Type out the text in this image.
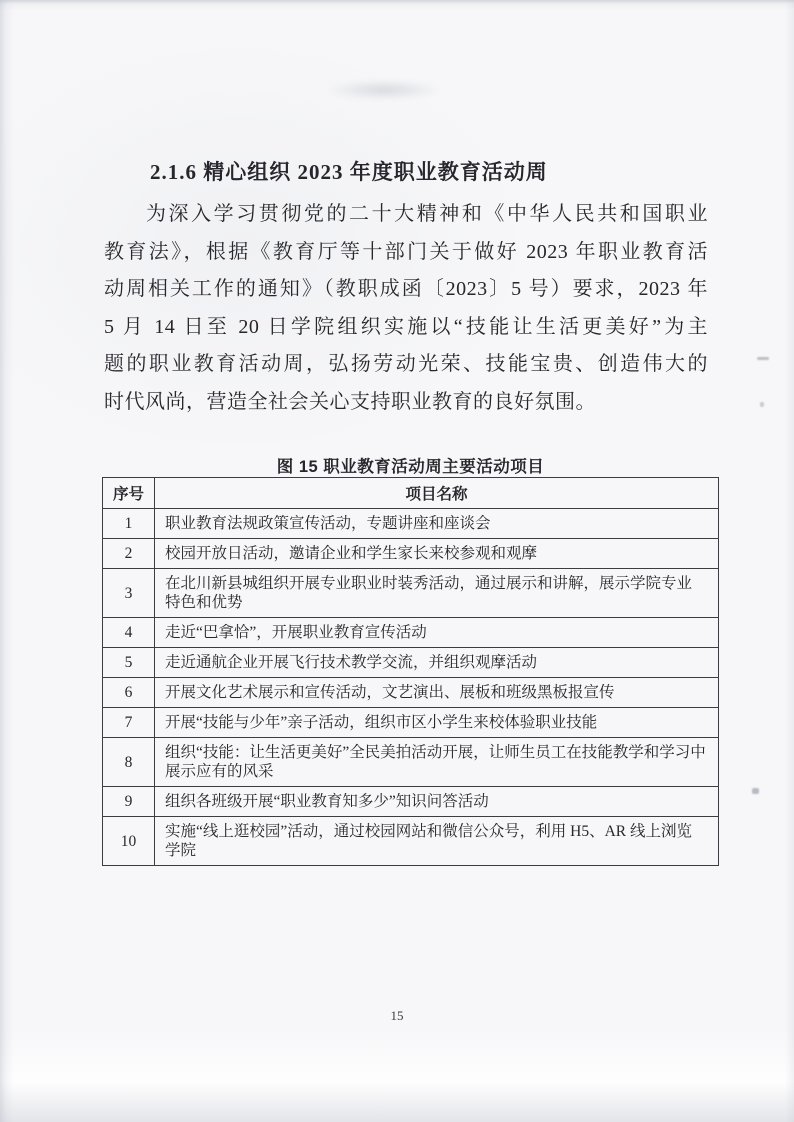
2.1.6 精心组织 2023 年度职业教育活动周
为深入学习贯彻党的二十大精神和《中华人民共和国职业
教育法》，根据《教育厅等十部门关于做好 2023 年职业教育活
动周相关工作的通知》（教职成函〔2023〕5 号）要求，2023 年
5 月 14 日至 20 日学院组织实施以“技能让生活更美好”为主
题的职业教育活动周，弘扬劳动光荣、技能宝贵、创造伟大的
时代风尚，营造全社会关心支持职业教育的良好氛围。
图 15 职业教育活动周主要活动项目
序号	项目名称
1	职业教育法规政策宣传活动，专题讲座和座谈会
2	校园开放日活动，邀请企业和学生家长来校参观和观摩
3	在北川新县城组织开展专业职业时装秀活动，通过展示和讲解，展示学院专业特色和优势
4	走近“巴拿恰”，开展职业教育宣传活动
5	走近通航企业开展飞行技术教学交流，并组织观摩活动
6	开展文化艺术展示和宣传活动，文艺演出、展板和班级黑板报宣传
7	开展“技能与少年”亲子活动，组织市区小学生来校体验职业技能
8	组织“技能：让生活更美好”全民美拍活动开展，让师生员工在技能教学和学习中展示应有的风采
9	组织各班级开展“职业教育知多少”知识问答活动
10	实施“线上逛校园”活动，通过校园网站和微信公众号，利用 H5、AR 线上浏览学院
15
